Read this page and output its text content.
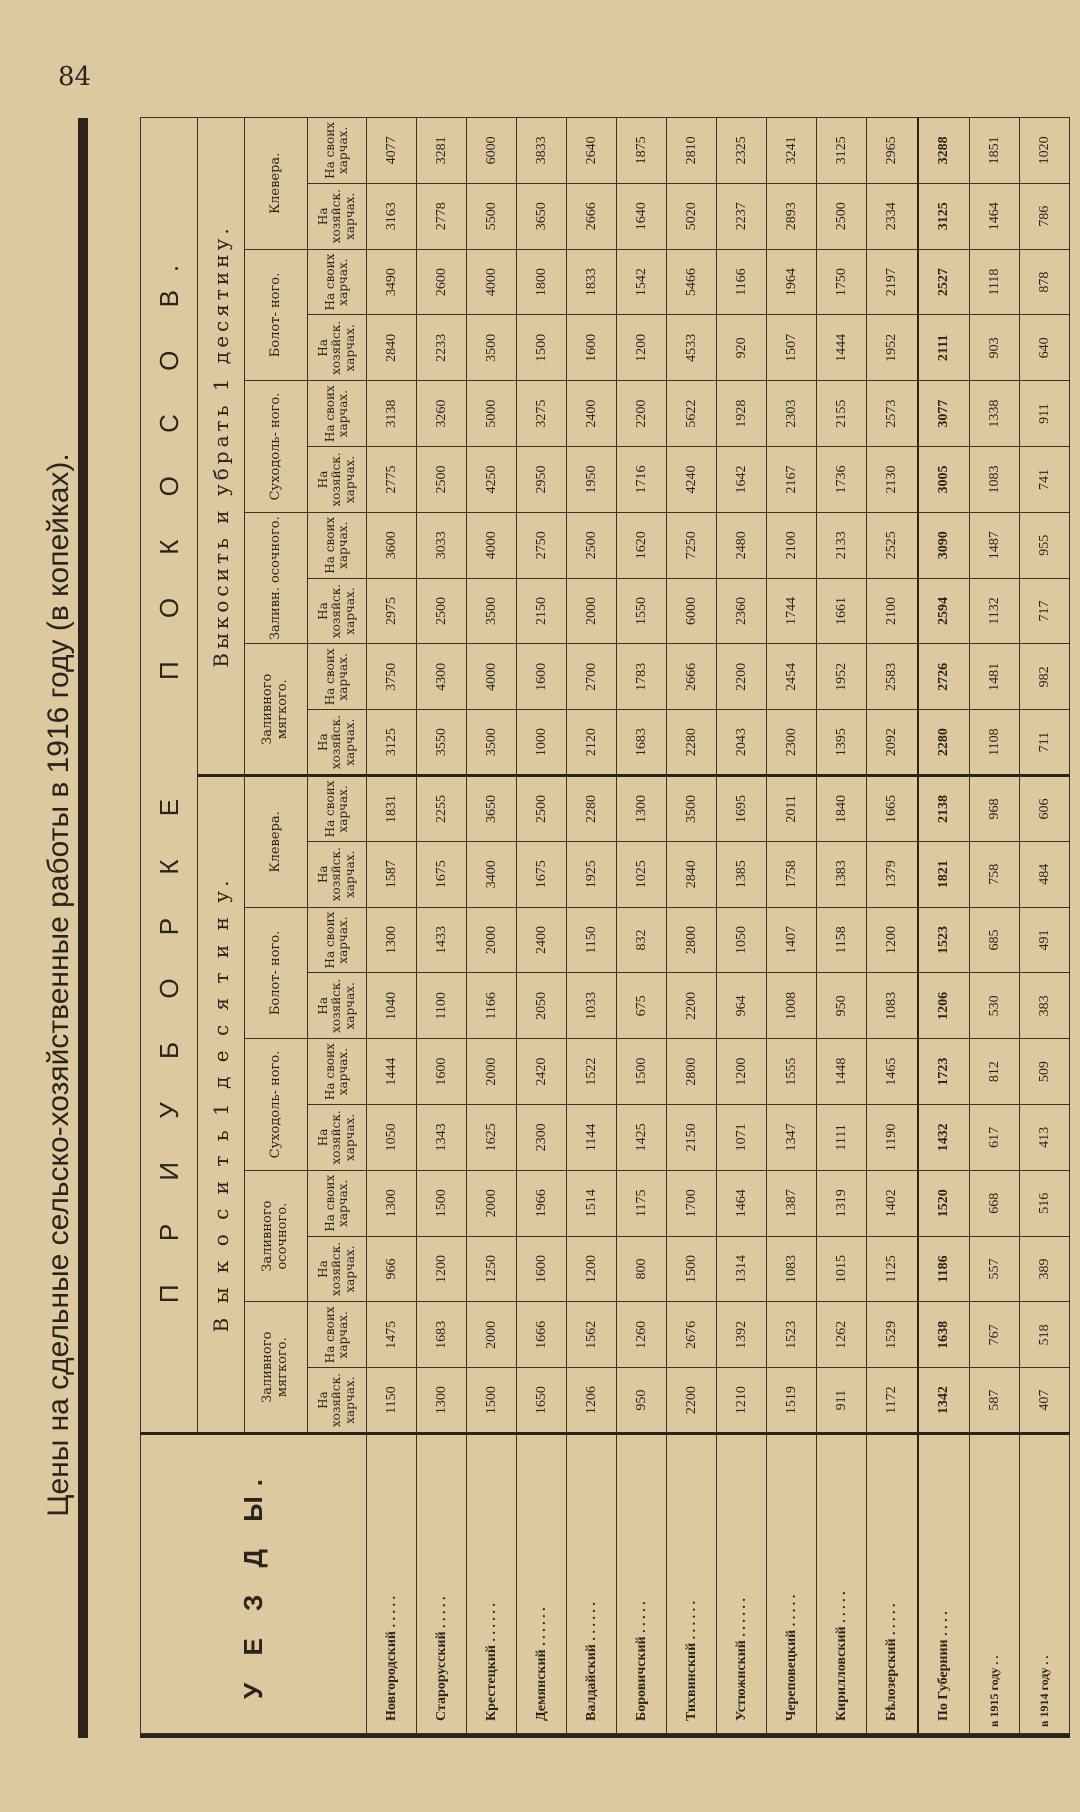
84
Цены на сдельные сельско-хозяйственные работы в 1916 году (в копейках).
У Е З Д Ы.	П Р И У Б О Р К Е    П О К О С О В.																			
	В ы к о с и т ь 1 д е с я т и н у.										Выкосить и убрать 1 десятину.									
	Заливного мягкого.		Заливного осочного.		Суходоль- ного.		Болот- ного.		Клевера.		Заливного мягкого.		Заливн. осочного.		Суходоль- ного.		Болот- ного.		Клевера.	
	На хозяйск. харчах.	На своих харчах.	На хозяйск. харчах.	На своих харчах.	На хозяйск. харчах.	На своих харчах.	На хозяйск. харчах.	На своих харчах.	На хозяйск. харчах.	На своих харчах.	На хозяйск. харчах.	На своих харчах.	На хозяйск. харчах.	На своих харчах.	На хозяйск. харчах.	На своих харчах.	На хозяйск. харчах.	На своих харчах.	На хозяйск. харчах.	На своих харчах.
Новгородский . . . . .	1150	1475	966	1300	1050	1444	1040	1300	1587	1831	3125	3750	2975	3600	2775	3138	2840	3490	3163	4077
Старорусский . . . . .	1300	1683	1200	1500	1343	1600	1100	1433	1675	2255	3550	4300	2500	3033	2500	3260	2233	2600	2778	3281
Крестецкий . . . . . .	1500	2000	1250	2000	1625	2000	1166	2000	3400	3650	3500	4000	3500	4000	4250	5000	3500	4000	5500	6000
Демянский . . . . . .	1650	1666	1600	1966	2300	2420	2050	2400	1675	2500	1000	1600	2150	2750	2950	3275	1500	1800	3650	3833
Валдайский . . . . . .	1206	1562	1200	1514	1144	1522	1033	1150	1925	2280	2120	2700	2000	2500	1950	2400	1600	1833	2666	2640
Боровичский . . . . .	950	1260	800	1175	1425	1500	675	832	1025	1300	1683	1783	1550	1620	1716	2200	1200	1542	1640	1875
Тихвинский . . . . . .	2200	2676	1500	1700	2150	2800	2200	2800	2840	3500	2280	2666	6000	7250	4240	5622	4533	5466	5020	2810
Устюжнский . . . . . .	1210	1392	1314	1464	1071	1200	964	1050	1385	1695	2043	2200	2360	2480	1642	1928	920	1166	2237	2325
Череповецкий . . . . .	1519	1523	1083	1387	1347	1555	1008	1407	1758	2011	2300	2454	1744	2100	2167	2303	1507	1964	2893	3241
Кирилловский . . . . .	911	1262	1015	1319	1111	1448	950	1158	1383	1840	1395	1952	1661	2133	1736	2155	1444	1750	2500	3125
Бѣлозерский . . . . .	1172	1529	1125	1402	1190	1465	1083	1200	1379	1665	2092	2583	2100	2525	2130	2573	1952	2197	2334	2965
По Губернии . . . .	1342	1638	1186	1520	1432	1723	1206	1523	1821	2138	2280	2726	2594	3090	3005	3077	2111	2527	3125	3288
в 1915 году . .	587	767	557	668	617	812	530	685	758	968	1108	1481	1132	1487	1083	1338	903	1118	1464	1851
в 1914 году . .	407	518	389	516	413	509	383	491	484	606	711	982	717	955	741	911	640	878	786	1020
